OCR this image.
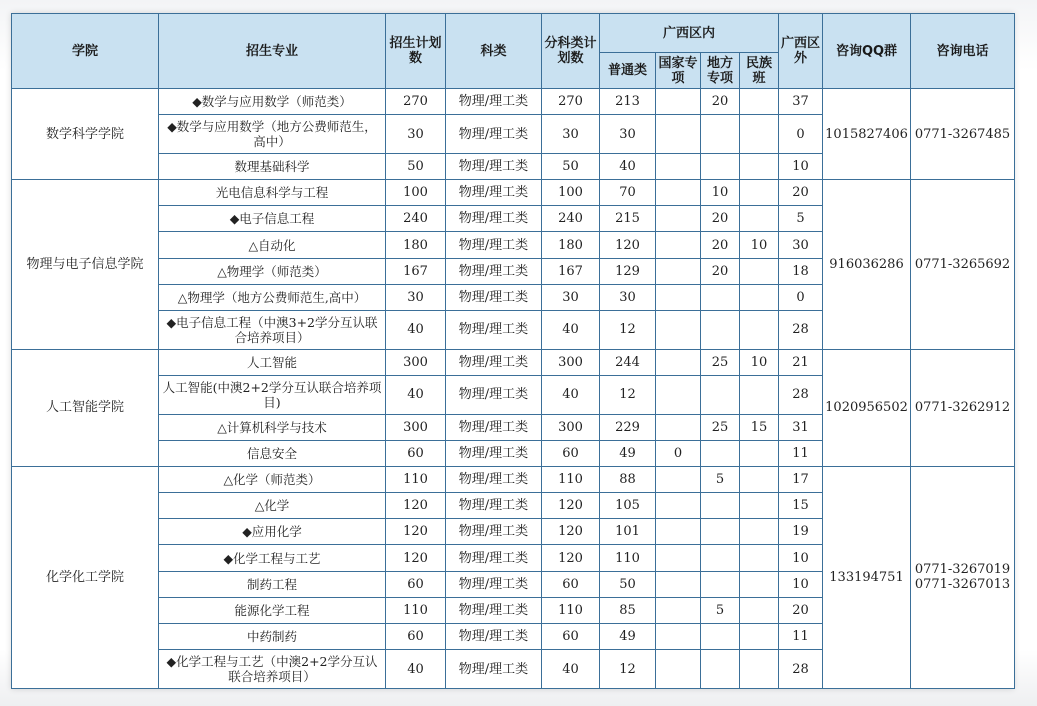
学院	招生专业	招生计划数	科类	分科类计划数	广西区内				广西区外	咨询QQ群	咨询电话
					普通类	国家专项	地方专项	民族班			
数学科学学院	◆数学与应用数学（师范类）	270	物理/理工类	270	213		20		37	1015827406	0771-3267485

	◆数学与应用数学（地方公费师范生，高中）	30	物理/理工类	30	30				0		
	数理基础科学	50	物理/理工类	50	40				10		
物理与电子信息学院	光电信息科学与工程	100	物理/理工类	100	70		10		20	916036286	0771-3265692

	◆电子信息工程	240	物理/理工类	240	215		20		5		
	△自动化	180	物理/理工类	180	120		20	10	30		
	△物理学（师范类）	167	物理/理工类	167	129		20		18		
	△物理学（地方公费师范生,高中）	30	物理/理工类	30	30				0		
	◆电子信息工程（中澳3+2学分互认联合培养项目）	40	物理/理工类	40	12				28		
人工智能学院	人工智能	300	物理/理工类	300	244		25	10	21	1020956502	0771-3262912

	人工智能(中澳2+2学分互认联合培养项目)	40	物理/理工类	40	12				28		
	△计算机科学与技术	300	物理/理工类	300	229		25	15	31		
	信息安全	60	物理/理工类	60	49	0			11		
化学化工学院	△化学（师范类）	110	物理/理工类	110	88		5		17	133194751	0771-3267019
0771-3267013

	△化学	120	物理/理工类	120	105				15		
	◆应用化学	120	物理/理工类	120	101				19		
	◆化学工程与工艺	120	物理/理工类	120	110				10		
	制药工程	60	物理/理工类	60	50				10		
	能源化学工程	110	物理/理工类	110	85		5		20		
	中药制药	60	物理/理工类	60	49				11		
	◆化学工程与工艺（中澳2+2学分互认联合培养项目）	40	物理/理工类	40	12				28		
